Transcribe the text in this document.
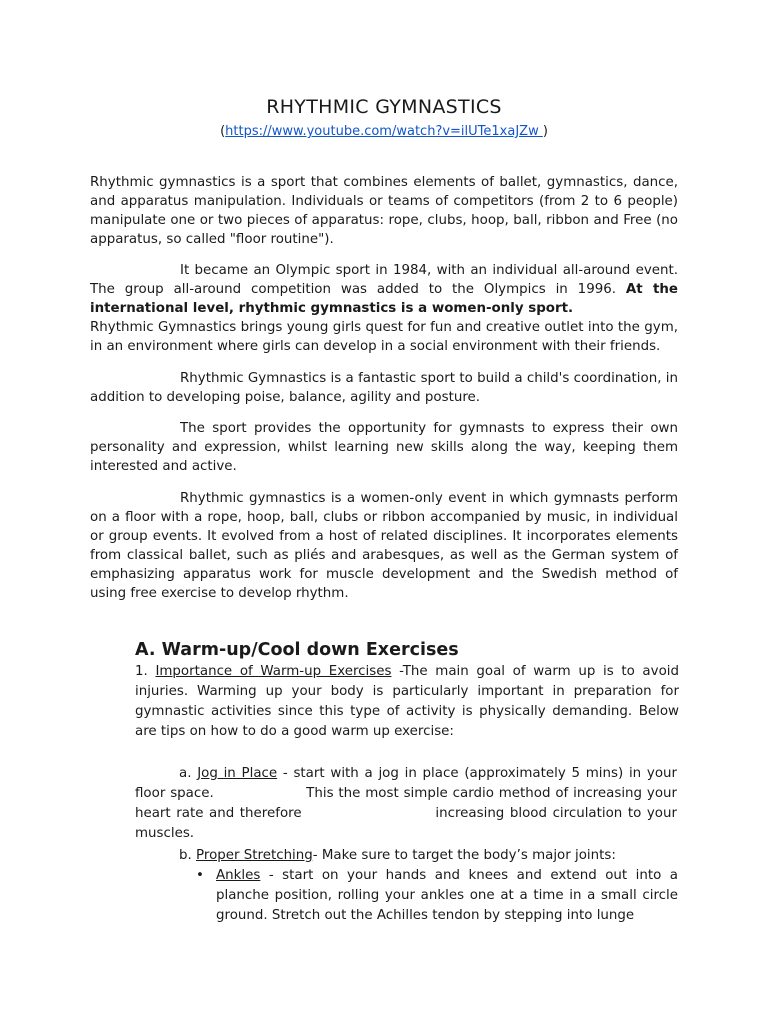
RHYTHMIC GYMNASTICS
(https://www.youtube.com/watch?v=ilUTe1xaJZw )

Rhythmic gymnastics is a sport that combines elements of ballet, gymnastics, dance, and apparatus manipulation. Individuals or teams of competitors (from 2 to 6 people) manipulate one or two pieces of apparatus: rope, clubs, hoop, ball, ribbon and Free (no apparatus, so called "floor routine").

It became an Olympic sport in 1984, with an individual all-around event. The group all-around competition was added to the Olympics in 1996. At the international level, rhythmic gymnastics is a women-only sport.

Rhythmic Gymnastics brings young girls quest for fun and creative outlet into the gym, in an environment where girls can develop in a social environment with their friends.

Rhythmic Gymnastics is a fantastic sport to build a child's coordination, in addition to developing poise, balance, agility and posture.

The sport provides the opportunity for gymnasts to express their own personality and expression, whilst learning new skills along the way, keeping them interested and active.

Rhythmic gymnastics is a women-only event in which gymnasts perform on a floor with a rope, hoop, ball, clubs or ribbon accompanied by music, in individual or group events. It evolved from a host of related disciplines. It incorporates elements from classical ballet, such as pliés and arabesques, as well as the German system of emphasizing apparatus work for muscle development and the Swedish method of using free exercise to develop rhythm.

A. Warm-up/Cool down Exercises

1. Importance of Warm-up Exercises -The main goal of warm up is to avoid injuries. Warming up your body is particularly important in preparation for gymnastic activities since this type of activity is physically demanding. Below are tips on how to do a good warm up exercise:

a. Jog in Place - start with a jog in place (approximately 5 mins) in your floor space.                   This the most simple cardio method of increasing your heart rate and therefore                        increasing blood circulation to your muscles.

b. Proper Stretching- Make sure to target the body’s major joints:

• Ankles - start on your hands and knees and extend out into a planche position, rolling your ankles one at a time in a small circle ground. Stretch out the Achilles tendon by stepping into lunge
